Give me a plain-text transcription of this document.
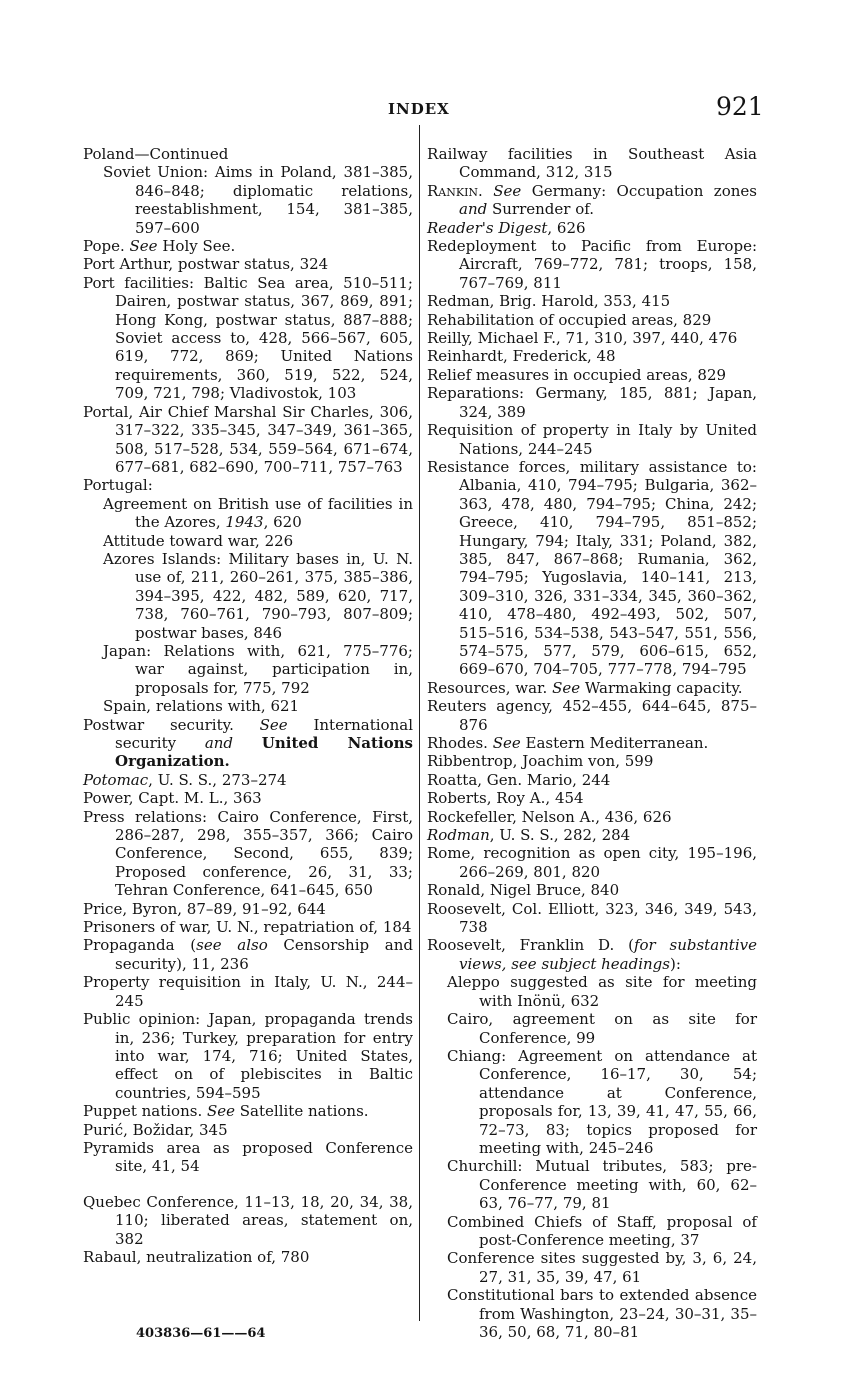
INDEX	921

Poland—Continued

Soviet Union: Aims in Poland, 381–385, 846–848; diplomatic relations, reestablishment, 154, 381–385, 597–600

Pope. See Holy See.

Port Arthur, postwar status, 324

Port facilities: Baltic Sea area, 510–511; Dairen, postwar status, 367, 869, 891; Hong Kong, postwar status, 887–888; Soviet access to, 428, 566–567, 605, 619, 772, 869; United Nations requirements, 360, 519, 522, 524, 709, 721, 798; Vladivostok, 103

Portal, Air Chief Marshal Sir Charles, 306, 317–322, 335–345, 347–349, 361–365, 508, 517–528, 534, 559–564, 671–674, 677–681, 682–690, 700–711, 757–763

Portugal:

Agreement on British use of facilities in the Azores, 1943, 620

Attitude toward war, 226

Azores Islands: Military bases in, U. N. use of, 211, 260–261, 375, 385–386, 394–395, 422, 482, 589, 620, 717, 738, 760–761, 790–793, 807–809; postwar bases, 846

Japan: Relations with, 621, 775–776; war against, participation in, proposals for, 775, 792

Spain, relations with, 621

Postwar security. See International security and United Nations Organization.

Potomac, U. S. S., 273–274

Power, Capt. M. L., 363

Press relations: Cairo Conference, First, 286–287, 298, 355–357, 366; Cairo Conference, Second, 655, 839; Proposed conference, 26, 31, 33; Tehran Conference, 641–645, 650

Price, Byron, 87–89, 91–92, 644

Prisoners of war, U. N., repatriation of, 184

Propaganda (see also Censorship and security), 11, 236

Property requisition in Italy, U. N., 244–245

Public opinion: Japan, propaganda trends in, 236; Turkey, preparation for entry into war, 174, 716; United States, effect on of plebiscites in Baltic countries, 594–595

Puppet nations. See Satellite nations.

Purić, Božidar, 345

Pyramids area as proposed Conference site, 41, 54

Quebec Conference, 11–13, 18, 20, 34, 38, 110; liberated areas, statement on, 382

Rabaul, neutralization of, 780

Railway facilities in Southeast Asia Command, 312, 315

Rankin. See Germany: Occupation zones and Surrender of.

Reader's Digest, 626

Redeployment to Pacific from Europe: Aircraft, 769–772, 781; troops, 158, 767–769, 811

Redman, Brig. Harold, 353, 415

Rehabilitation of occupied areas, 829

Reilly, Michael F., 71, 310, 397, 440, 476

Reinhardt, Frederick, 48

Relief measures in occupied areas, 829

Reparations: Germany, 185, 881; Japan, 324, 389

Requisition of property in Italy by United Nations, 244–245

Resistance forces, military assistance to: Albania, 410, 794–795; Bulgaria, 362–363, 478, 480, 794–795; China, 242; Greece, 410, 794–795, 851–852; Hungary, 794; Italy, 331; Poland, 382, 385, 847, 867–868; Rumania, 362, 794–795; Yugoslavia, 140–141, 213, 309–310, 326, 331–334, 345, 360–362, 410, 478–480, 492–493, 502, 507, 515–516, 534–538, 543–547, 551, 556, 574–575, 577, 579, 606–615, 652, 669–670, 704–705, 777–778, 794–795

Resources, war. See Warmaking capacity.

Reuters agency, 452–455, 644–645, 875–876

Rhodes. See Eastern Mediterranean.

Ribbentrop, Joachim von, 599

Roatta, Gen. Mario, 244

Roberts, Roy A., 454

Rockefeller, Nelson A., 436, 626

Rodman, U. S. S., 282, 284

Rome, recognition as open city, 195–196, 266–269, 801, 820

Ronald, Nigel Bruce, 840

Roosevelt, Col. Elliott, 323, 346, 349, 543, 738

Roosevelt, Franklin D. (for substantive views, see subject headings):

Aleppo suggested as site for meeting with Inönü, 632

Cairo, agreement on as site for Conference, 99

Chiang: Agreement on attendance at Conference, 16–17, 30, 54; attendance at Conference, proposals for, 13, 39, 41, 47, 55, 66, 72–73, 83; topics proposed for meeting with, 245–246

Churchill: Mutual tributes, 583; pre-Conference meeting with, 60, 62–63, 76–77, 79, 81

Combined Chiefs of Staff, proposal of post-Conference meeting, 37

Conference sites suggested by, 3, 6, 24, 27, 31, 35, 39, 47, 61

Constitutional bars to extended absence from Washington, 23–24, 30–31, 35–36, 50, 68, 71, 80–81

403836—61——64
